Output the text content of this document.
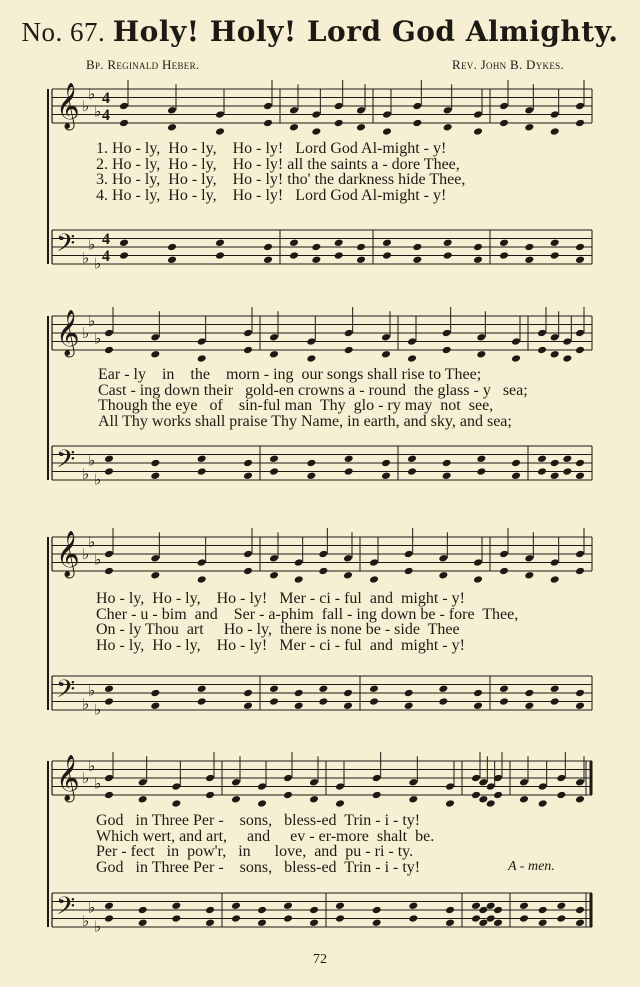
No. 67. Holy! Holy! Lord God Almighty.
Bp. Reginald Heber.	Rev. John B. Dykes.
𝄞 ♭
♭
♭
4
4
𝄢 ♭
♭
♭
4
4
𝄞 ♭
♭
♭
𝄢 ♭
♭
♭
𝄞 ♭
♭
♭
𝄢 ♭
♭
♭
𝄞 ♭
♭
♭
𝄢 ♭
♭
♭
1. Ho - ly,  Ho - ly,    Ho - ly!   Lord God Al-might - y!
2. Ho - ly,  Ho - ly,    Ho - ly! all the saints a - dore Thee,
3. Ho - ly,  Ho - ly,    Ho - ly! tho' the darkness hide Thee,
4. Ho - ly,  Ho - ly,    Ho - ly!   Lord God Al-might - y!
Ear - ly    in    the    morn - ing  our songs shall rise to Thee;
Cast - ing down their   gold-en crowns a - round  the glass - y   sea;
Though the eye   of    sin-ful man  Thy  glo - ry may  not  see,
All Thy works shall praise Thy Name, in earth, and sky, and sea;
Ho - ly,  Ho - ly,    Ho - ly!   Mer - ci - ful  and  might - y!
Cher - u - bim  and    Ser - a-phim  fall - ing down be - fore  Thee,
On - ly Thou  art     Ho - ly,  there is none be - side  Thee
Ho - ly,  Ho - ly,    Ho - ly!   Mer - ci - ful  and  might - y!
God   in Three Per -    sons,   bless-ed  Trin - i - ty!
Which wert, and art,     and     ev - er-more  shalt  be.
Per - fect   in  pow'r,   in      love,  and  pu - ri - ty.
God   in Three Per -    sons,   bless-ed  Trin - i - ty!	A - men.
72
